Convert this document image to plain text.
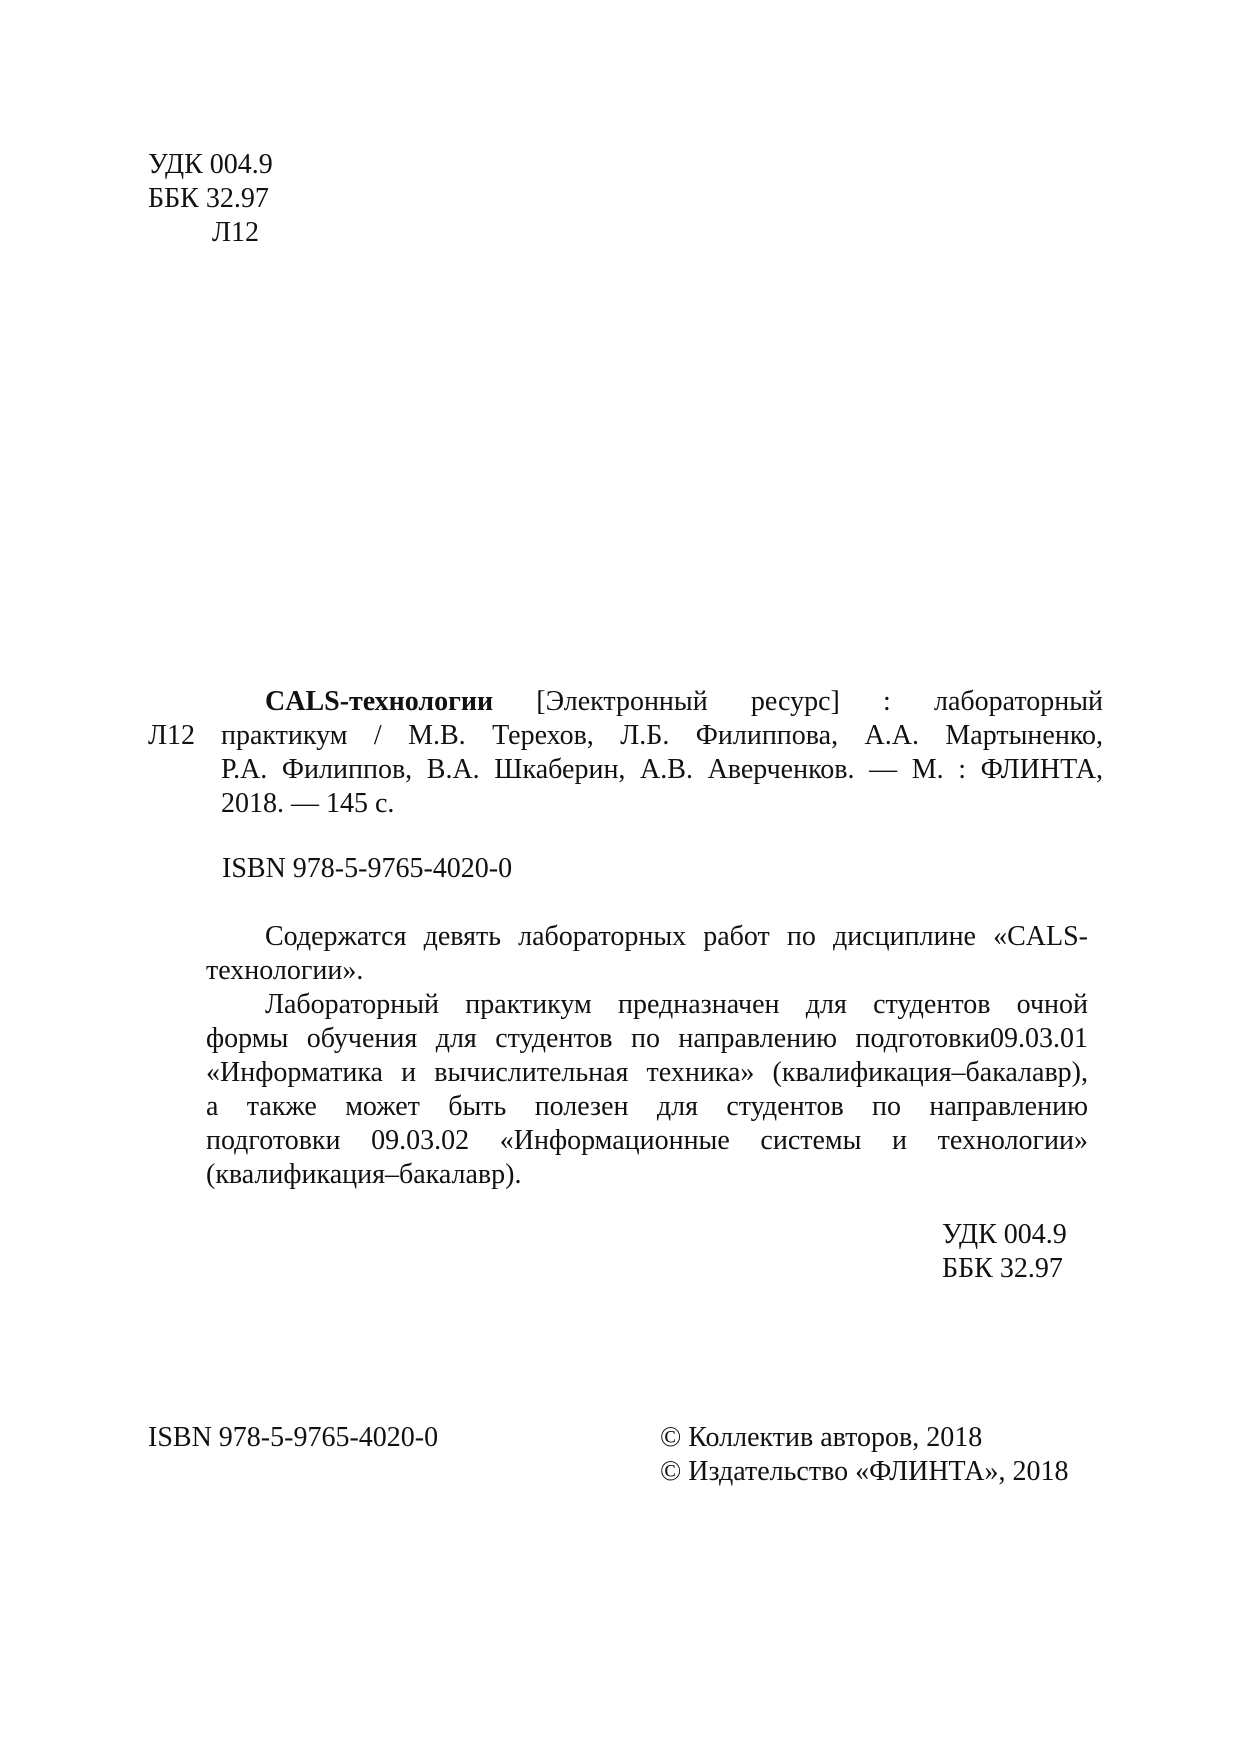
УДК 004.9
ББК 32.97
Л12
CALS-технологии [Электронный ресурс] : лабораторный
Л12 практикум / М.В. Терехов, Л.Б. Филиппова, А.А. Мартыненко,
Р.А. Филиппов, В.А. Шкаберин, А.В. Аверченков. — М. : ФЛИНТА,
2018. — 145 с.
ISBN 978-5-9765-4020-0
Содержатся девять лабораторных работ по дисциплине «CALS-
технологии».
Лабораторный практикум предназначен для студентов очной
формы обучения для студентов по направлению подготовки09.03.01
«Информатика и вычислительная техника» (квалификация–бакалавр),
а также может быть полезен для студентов по направлению
подготовки 09.03.02 «Информационные системы и технологии»
(квалификация–бакалавр).
УДК 004.9
ББК 32.97
ISBN 978-5-9765-4020-0	© Коллектив авторов, 2018
© Издательство «ФЛИНТА», 2018
